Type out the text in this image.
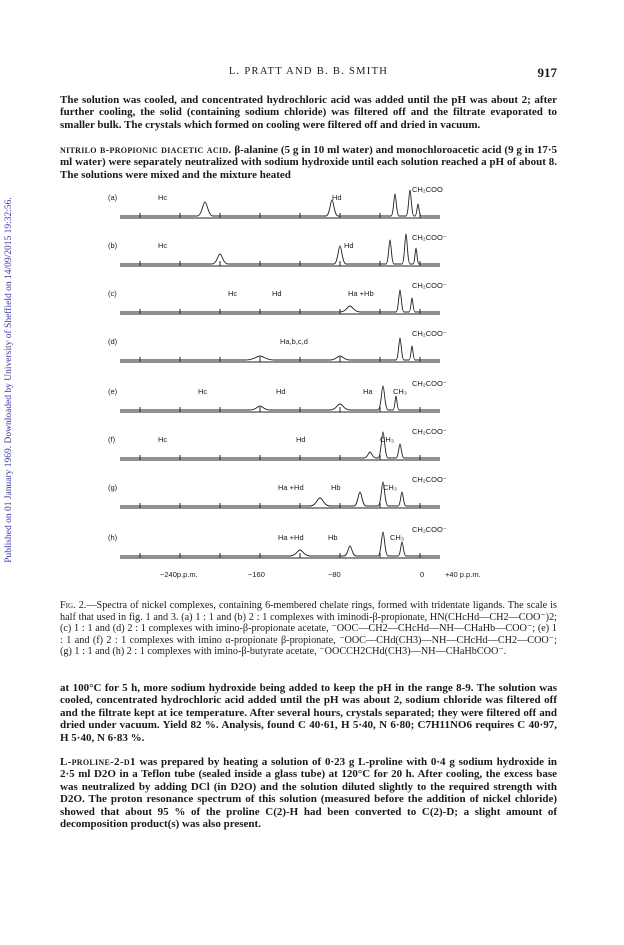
Published on 01 January 1969. Downloaded by University of Sheffield on 14/09/2015 19:32:56.
L. PRATT AND B. B. SMITH	917

The solution was cooled, and concentrated hydrochloric acid was added until the pH was about 2; after further cooling, the solid (containing sodium chloride) was filtered off and the filtrate evaporated to smaller bulk. The crystals which formed on cooling were filtered off and dried in vacuum.

nitrilo β-propionic diacetic acid. β-alanine (5 g in 10 ml water) and monochloroacetic acid (9 g in 17·5 ml water) were separately neutralized with sodium hydroxide until each solution reached a pH of about 8. The solutions were mixed and the mixture heated

(a)	Hc	Hd
CH₂COO
(b)	Hc	Hd
CH₂COO⁻
(c)	Hc	Hd	Ha +Hb
CH₂COO⁻
(d)	Ha,b,c,d
CH₂COO⁻
(e)	Hc	Hd	Ha	CH₃
CH₂COO⁻
(f)	Hc	Hd	CH₃
CH₂COO⁻
(g)	Ha +Hd	Hb	CH₃
CH₂COO⁻
(h)	Ha +Hd	Hb	CH₃
CH₂COO⁻
−240p.p.m.	−160	−80	0	+40 p.p.m.

Fig. 2.—Spectra of nickel complexes, containing 6-membered chelate rings, formed with tridentate ligands. The scale is half that used in fig. 1 and 3. (a) 1 : 1 and (b) 2 : 1 complexes with iminodi-β-propionate, HN(CHcHd—CH2—COO⁻)2; (c) 1 : 1 and (d) 2 : 1 complexes with imino-β-propionate acetate, ⁻OOC—CH2—CHcHd—NH—CHaHb—COO⁻; (e) 1 : 1 and (f) 2 : 1 complexes with imino α-propionate β-propionate, ⁻OOC—CHd(CH3)—NH—CHcHd—CH2—COO⁻; (g) 1 : 1 and (h) 2 : 1 complexes with imino-β-butyrate acetate, ⁻OOCCH2CHd(CH3)—NH—CHaHbCOO⁻.

at 100°C for 5 h, more sodium hydroxide being added to keep the pH in the range 8-9. The solution was cooled, concentrated hydrochloric acid added until the pH was about 2, sodium chloride was filtered off and the filtrate kept at ice temperature. After several hours, crystals separated; they were filtered off and dried under vacuum. Yield 82 %. Analysis, found C 40·61, H 5·40, N 6·80; C7H11NO6 requires C 40·97, H 5·40, N 6·83 %.

L-proline-2-d1 was prepared by heating a solution of 0·23 g L-proline with 0·4 g sodium hydroxide in 2·5 ml D2O in a Teflon tube (sealed inside a glass tube) at 120°C for 20 h. After cooling, the excess base was neutralized by adding DCl (in D2O) and the solution diluted slightly to the required strength with D2O. The proton resonance spectrum of this solution (measured before the addition of nickel chloride) showed that about 95 % of the proline C(2)-H had been converted to C(2)-D; a slight amount of decomposition product(s) was also present.
